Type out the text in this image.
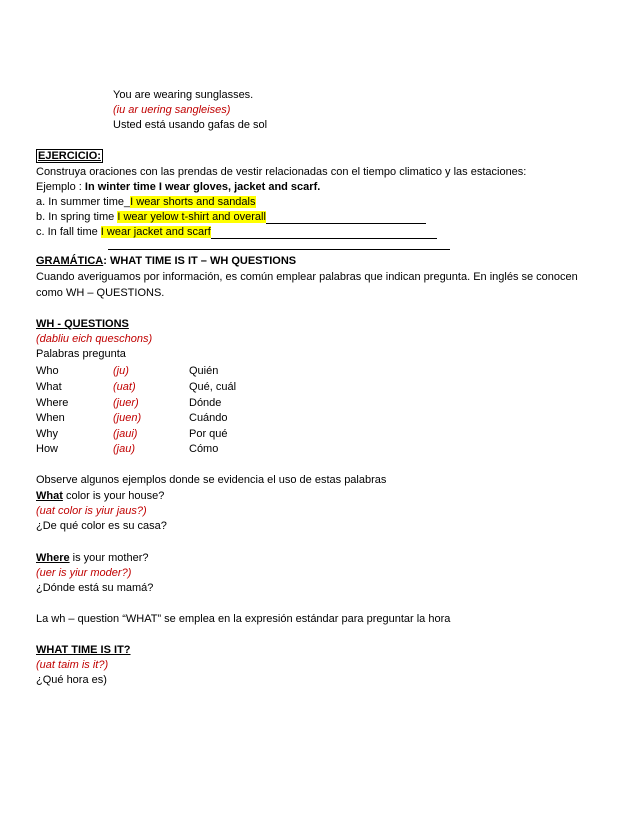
You are wearing sunglasses.
(iu ar uering sangleises)
Usted está usando gafas de sol
EJERCICIO:
Construya oraciones con las prendas de vestir relacionadas con el tiempo climatico y las estaciones:
Ejemplo : In winter time I wear gloves, jacket and scarf.
a. In summer time_I wear shorts and sandals
b. In spring time I wear yelow t-shirt and overall
c. In fall time I wear jacket and scarf
GRAMÁTICA: WHAT TIME IS IT – WH QUESTIONS
Cuando averiguamos por información, es común emplear palabras que indican pregunta. En inglés se conocen
como WH – QUESTIONS.
WH - QUESTIONS
(dabliu eich queschons)
Palabras pregunta
Who	(ju)	Quién
What	(uat)	Qué, cuál
Where	(juer)	Dónde
When	(juen)	Cuándo
Why	(jaui)	Por qué
How	(jau)	Cómo
Observe algunos ejemplos donde se evidencia el uso de estas palabras
What color is your house?
(uat color is yiur jaus?)
¿De qué color es su casa?
Where is your mother?
(uer is yiur moder?)
¿Dónde está su mamá?
La wh – question “WHAT” se emplea en la expresión estándar para preguntar la hora
WHAT TIME IS IT?
(uat taim is it?)
¿Qué hora es)
